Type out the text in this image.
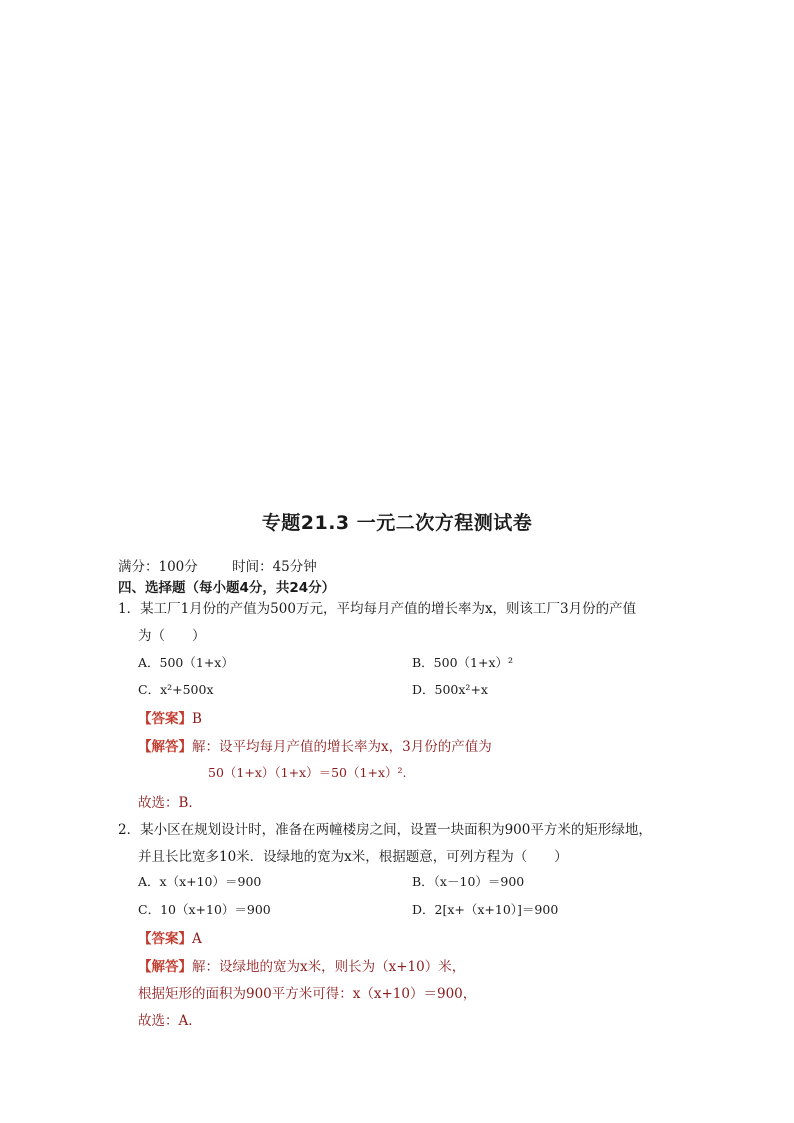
专题21.3 一元二次方程测试卷
满分：100分	时间：45分钟
四、选择题（每小题4分，共24分）
1．某工厂1月份的产值为500万元，平均每月产值的增长率为x，则该工厂3月份的产值
为（　　）
A．500（1+x）	B．500（1+x）²
C．x²+500x	D．500x²+x
【答案】B
【解答】解：设平均每月产值的增长率为x，3月份的产值为
50（1+x）（1+x）＝50（1+x）².
故选：B．
2．某小区在规划设计时，准备在两幢楼房之间，设置一块面积为900平方米的矩形绿地，
并且长比宽多10米．设绿地的宽为x米，根据题意，可列方程为（　　）
A．x（x+10）＝900	B．（x－10）＝900
C．10（x+10）＝900	D．2[x+（x+10）]＝900
【答案】A
【解答】解：设绿地的宽为x米，则长为（x+10）米，
根据矩形的面积为900平方米可得：x（x+10）＝900，
故选：A．
